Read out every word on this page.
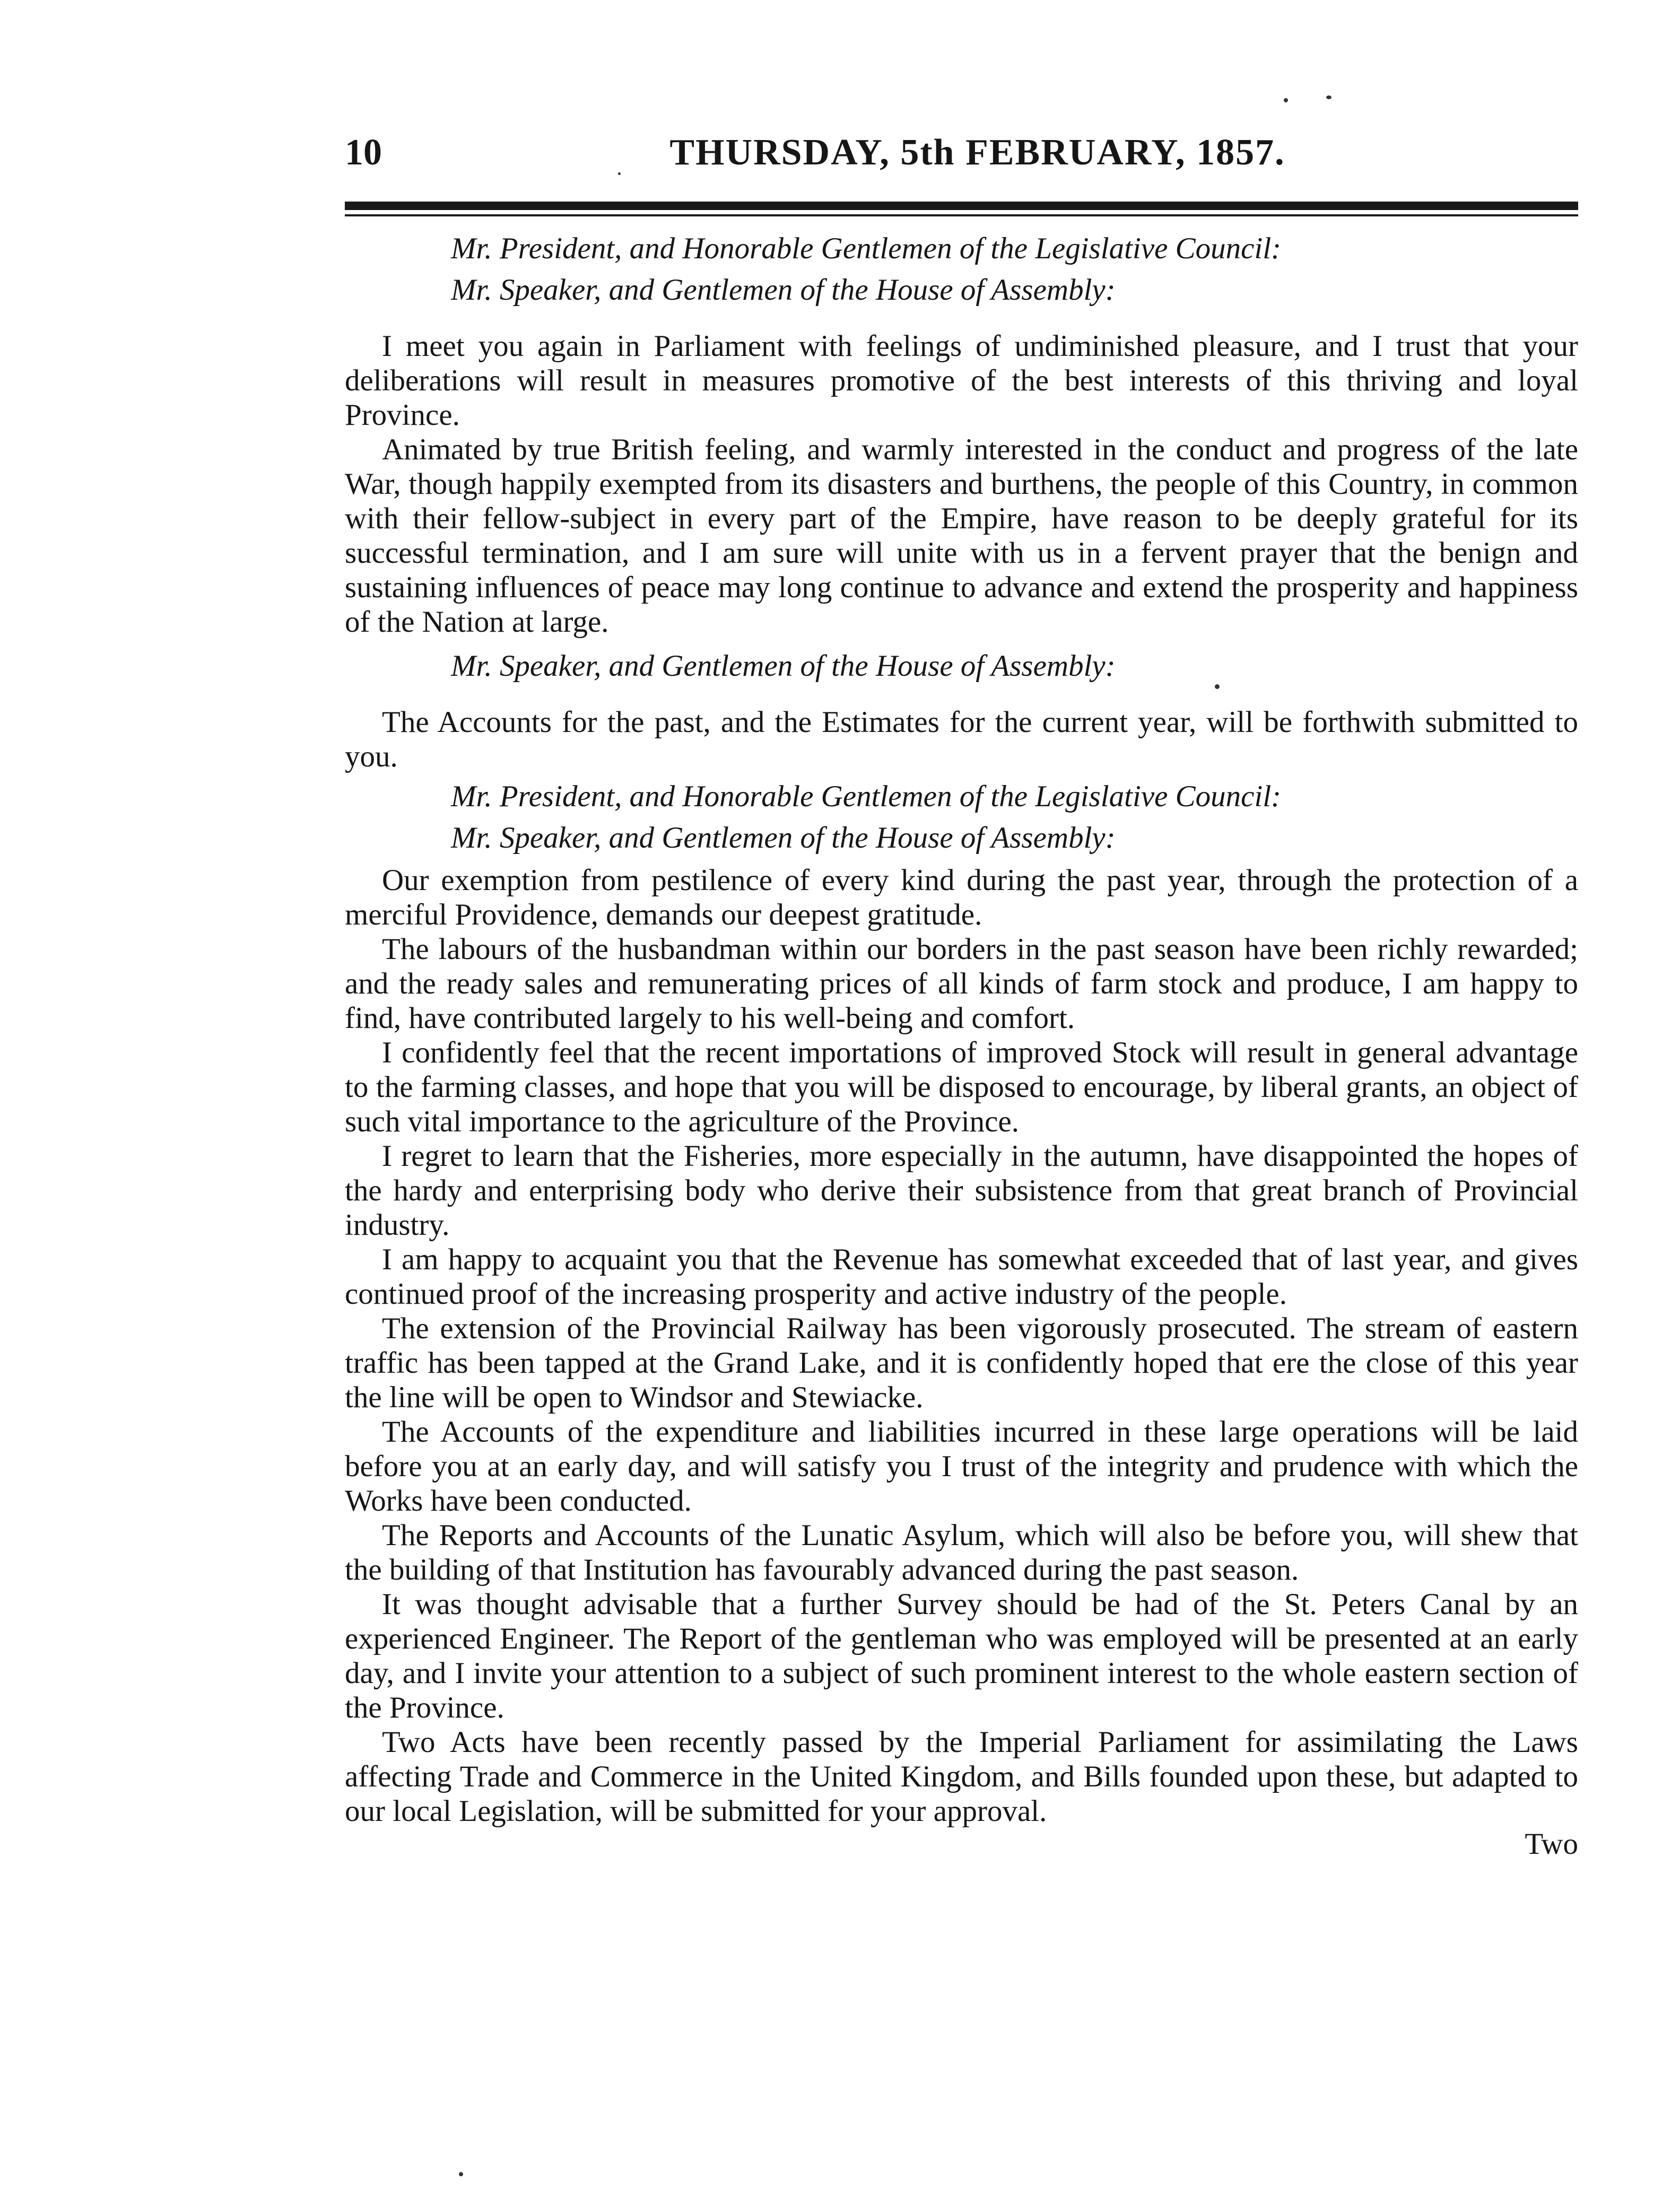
10	THURSDAY, 5th FEBRUARY, 1857.
Mr. President, and Honorable Gentlemen of the Legislative Council:
Mr. Speaker, and Gentlemen of the House of Assembly:

I meet you again in Parliament with feelings of undiminished pleasure, and I trust that your deliberations will result in measures promotive of the best interests of this thriving and loyal Province.

Animated by true British feeling, and warmly interested in the conduct and progress of the late War, though happily exempted from its disasters and burthens, the people of this Country, in common with their fellow-subject in every part of the Empire, have reason to be deeply grateful for its successful termination, and I am sure will unite with us in a fervent prayer that the benign and sustaining influences of peace may long continue to advance and extend the prosperity and happiness of the Nation at large.

Mr. Speaker, and Gentlemen of the House of Assembly:

The Accounts for the past, and the Estimates for the current year, will be forthwith submitted to you.

Mr. President, and Honorable Gentlemen of the Legislative Council:
Mr. Speaker, and Gentlemen of the House of Assembly:

Our exemption from pestilence of every kind during the past year, through the protection of a merciful Providence, demands our deepest gratitude.

The labours of the husbandman within our borders in the past season have been richly rewarded; and the ready sales and remunerating prices of all kinds of farm stock and produce, I am happy to find, have contributed largely to his well-being and comfort.

I confidently feel that the recent importations of improved Stock will result in general advantage to the farming classes, and hope that you will be disposed to encourage, by liberal grants, an object of such vital importance to the agriculture of the Province.

I regret to learn that the Fisheries, more especially in the autumn, have disappointed the hopes of the hardy and enterprising body who derive their subsistence from that great branch of Provincial industry.

I am happy to acquaint you that the Revenue has somewhat exceeded that of last year, and gives continued proof of the increasing prosperity and active industry of the people.

The extension of the Provincial Railway has been vigorously prosecuted. The stream of eastern traffic has been tapped at the Grand Lake, and it is confidently hoped that ere the close of this year the line will be open to Windsor and Stewiacke.

The Accounts of the expenditure and liabilities incurred in these large operations will be laid before you at an early day, and will satisfy you I trust of the integrity and prudence with which the Works have been conducted.

The Reports and Accounts of the Lunatic Asylum, which will also be before you, will shew that the building of that Institution has favourably advanced during the past season.

It was thought advisable that a further Survey should be had of the St. Peters Canal by an experienced Engineer. The Report of the gentleman who was employed will be presented at an early day, and I invite your attention to a subject of such prominent interest to the whole eastern section of the Province.

Two Acts have been recently passed by the Imperial Parliament for assimilating the Laws affecting Trade and Commerce in the United Kingdom, and Bills founded upon these, but adapted to our local Legislation, will be submitted for your approval.

Two
